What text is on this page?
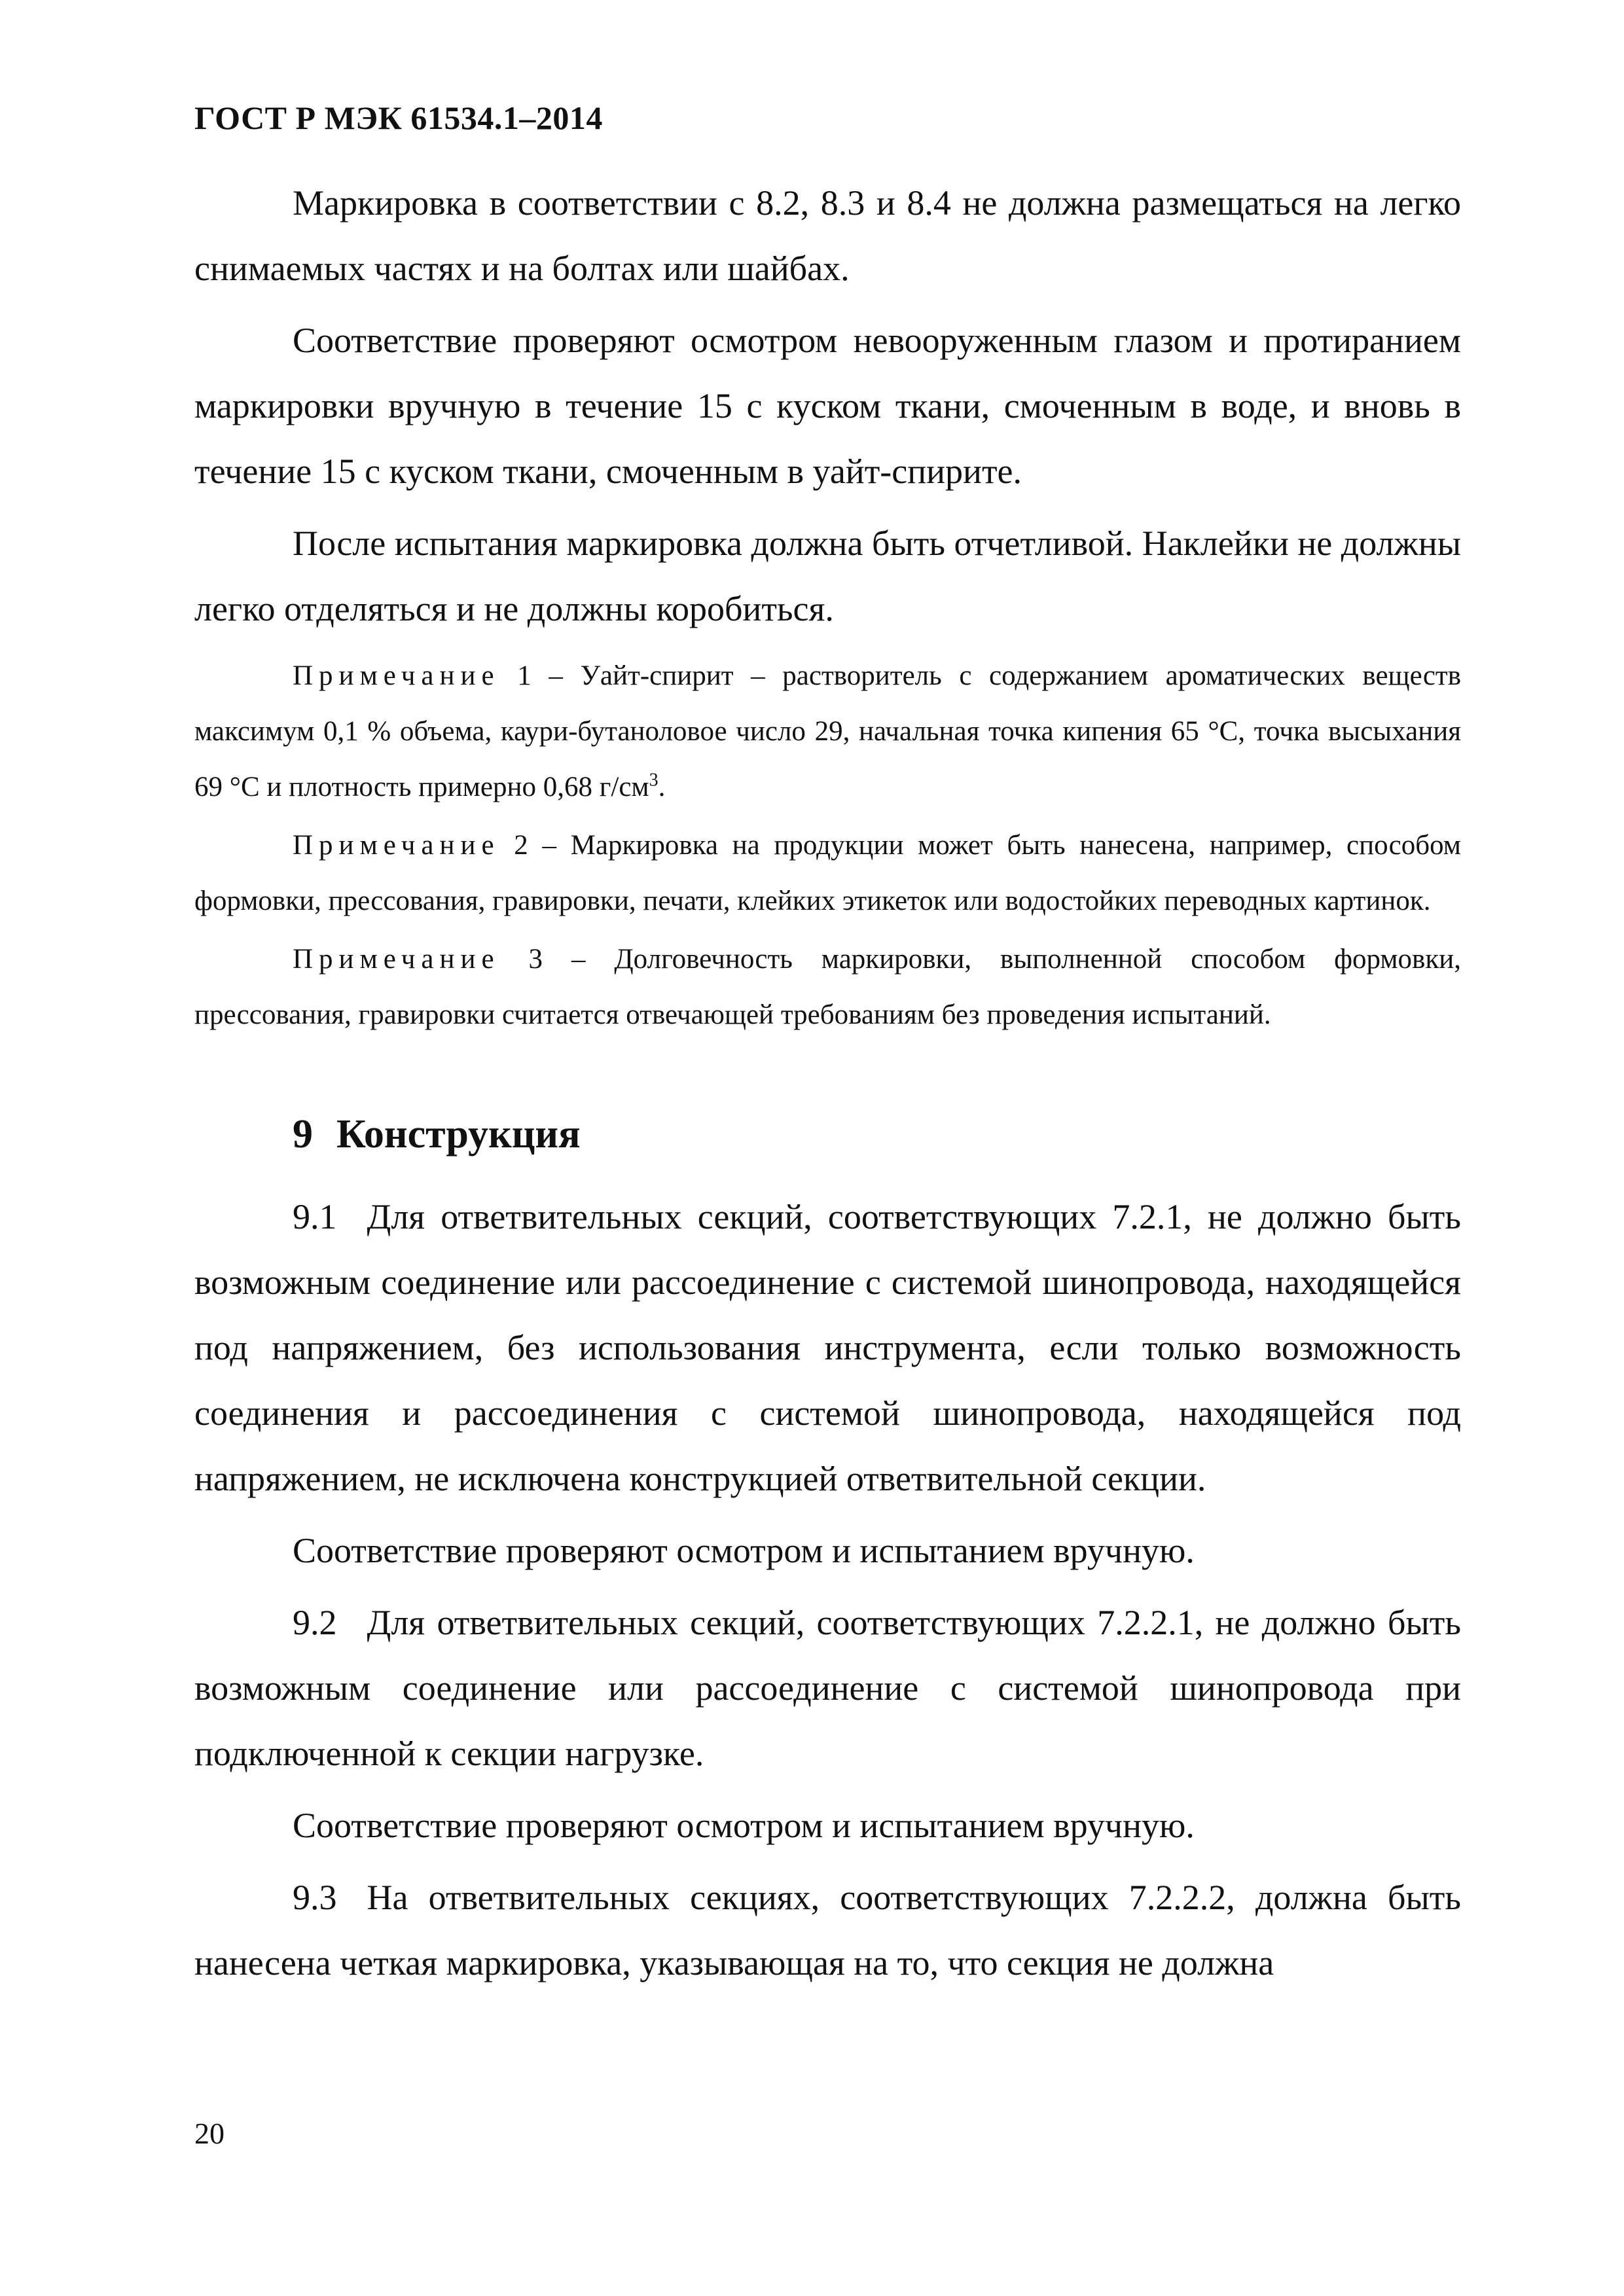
ГОСТ Р МЭК 61534.1–2014

Маркировка в соответствии с 8.2, 8.3 и 8.4 не должна размещаться на легко снимаемых частях и на болтах или шайбах.

Соответствие проверяют осмотром невооруженным глазом и протиранием маркировки вручную в течение 15 с куском ткани, смоченным в воде, и вновь в течение 15 с куском ткани, смоченным в уайт-спирите.

После испытания маркировка должна быть отчетливой. Наклейки не должны легко отделяться и не должны коробиться.

Примечание 1 – Уайт-спирит – растворитель с содержанием ароматических веществ максимум 0,1 % объема, каури-бутаноловое число 29, начальная точка кипения 65 °С, точка высыхания 69 °С и плотность примерно 0,68 $г/см^3$.

Примечание 2 – Маркировка на продукции может быть нанесена, например, способом формовки, прессования, гравировки, печати, клейких этикеток или водостойких переводных картинок.

Примечание 3 – Долговечность маркировки, выполненной способом формовки, прессования, гравировки считается отвечающей требованиям без проведения испытаний.

9 Конструкция

9.1 Для ответвительных секций, соответствующих 7.2.1, не должно быть возможным соединение или рассоединение с системой шинопровода, находящейся под напряжением, без использования инструмента, если только возможность соединения и рассоединения с системой шинопровода, находящейся под напряжением, не исключена конструкцией ответвительной секции.

Соответствие проверяют осмотром и испытанием вручную.

9.2 Для ответвительных секций, соответствующих 7.2.2.1, не должно быть возможным соединение или рассоединение с системой шинопровода при подключенной к секции нагрузке.

Соответствие проверяют осмотром и испытанием вручную.

9.3 На ответвительных секциях, соответствующих 7.2.2.2, должна быть нанесена четкая маркировка, указывающая на то, что секция не должна

20
